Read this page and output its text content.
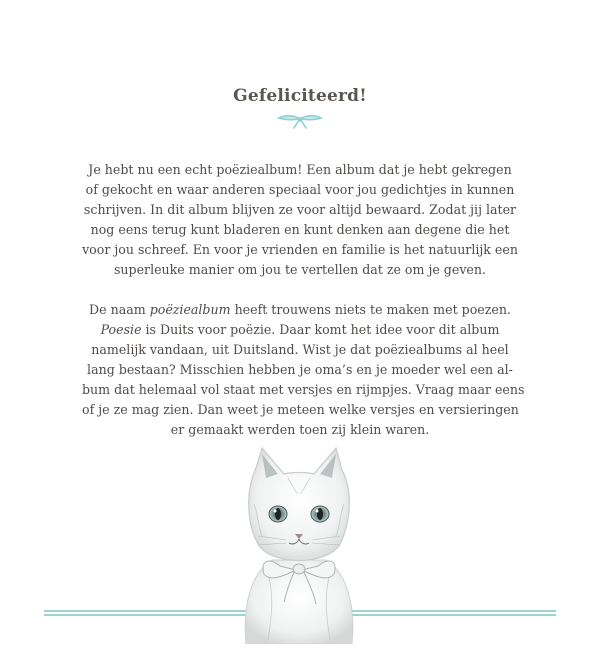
Gefeliciteerd!

Je hebt nu een echt poëziealbum! Een album dat je hebt gekregen
of gekocht en waar anderen speciaal voor jou gedichtjes in kunnen
schrijven. In dit album blijven ze voor altijd bewaard. Zodat jij later
nog eens terug kunt bladeren en kunt denken aan degene die het
voor jou schreef. En voor je vrienden en familie is het natuurlijk een
superleuke manier om jou te vertellen dat ze om je geven.

De naam poëziealbum heeft trouwens niets te maken met poezen.
Poesie is Duits voor poëzie. Daar komt het idee voor dit album
namelijk vandaan, uit Duitsland. Wist je dat poëziealbums al heel
lang bestaan? Misschien hebben je oma’s en je moeder wel een al-
bum dat helemaal vol staat met versjes en rijmpjes. Vraag maar eens
of je ze mag zien. Dan weet je meteen welke versjes en versieringen
er gemaakt werden toen zij klein waren.
